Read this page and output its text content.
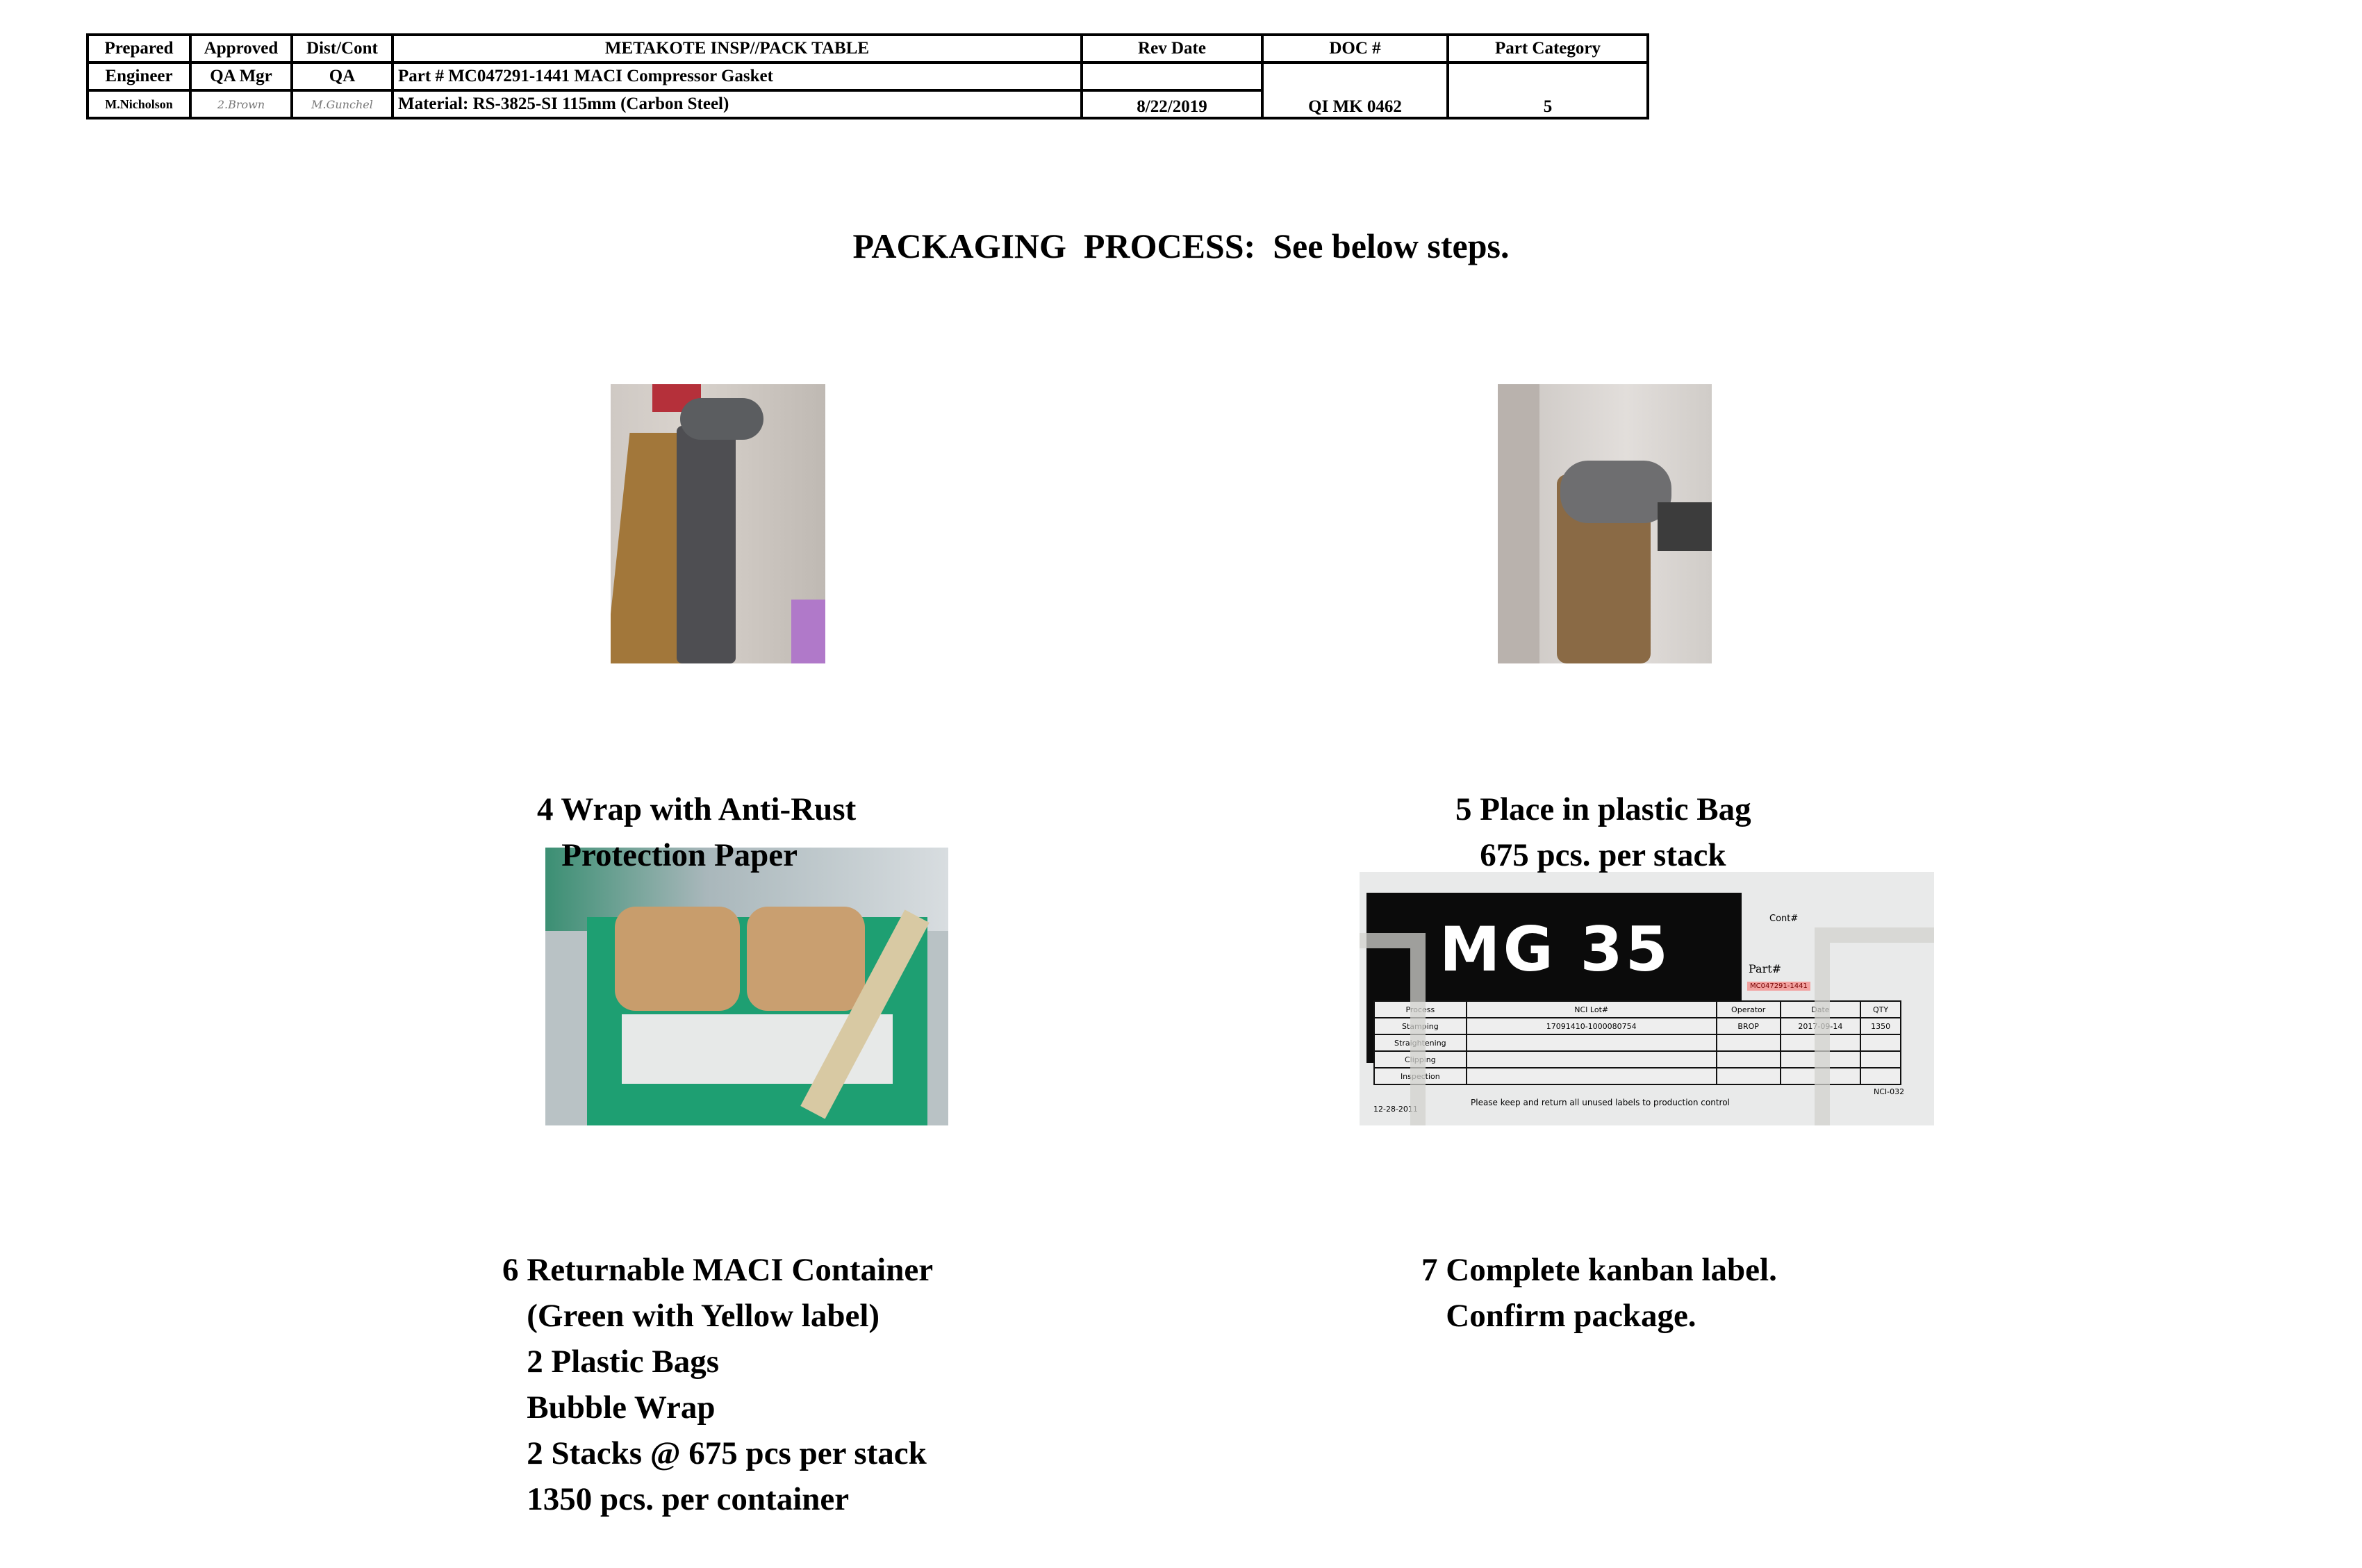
Prepared	Approved	Dist/Cont	METAKOTE INSP//PACK TABLE	Rev Date	DOC #	Part Category
Engineer	QA Mgr	QA	Part # MC047291-1441 MACI Compressor Gasket		QI MK 0462	5
M.Nicholson	2.Brown	M.Gunchel	Material: RS-3825-SI 115mm (Carbon Steel)	8/22/2019		
PACKAGING  PROCESS:  See below steps.
MG 35	Cont#
Part#
MC047291-1441
Process	NCI Lot#	Operator	Date	QTY
Stamping	17091410-1000080754	BROP	2017-09-14	1350
Straightening				
Clipping				
Inspection				
12-28-2011
Please keep and return all unused labels to production control
NCI-032

4 Wrap with Anti-Rust
Protection Paper

5 Place in plastic Bag
675 pcs. per stack

6 Returnable MACI Container
(Green with Yellow label)
2 Plastic Bags
Bubble Wrap
2 Stacks @ 675 pcs per stack
1350 pcs. per container

7 Complete kanban label.
Confirm package.
